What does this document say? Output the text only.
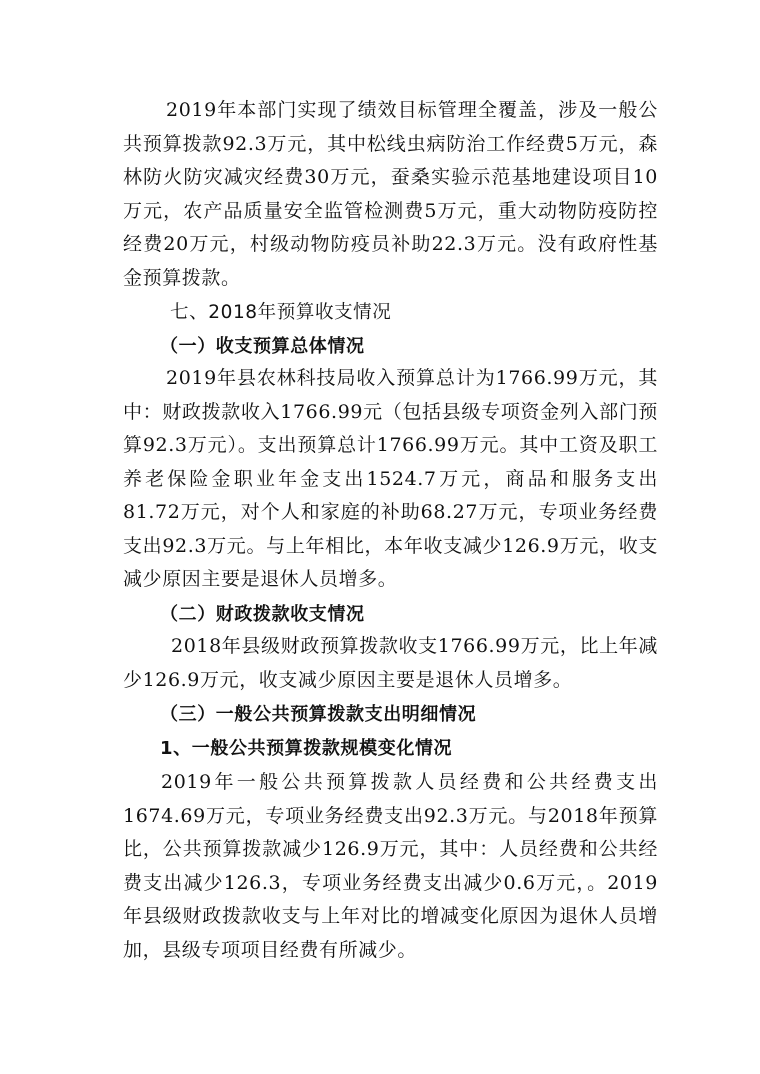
2019年本部门实现了绩效目标管理全覆盖，涉及一般公共预算拨款92.3万元，其中松线虫病防治工作经费5万元，森林防火防灾减灾经费30万元，蚕桑实验示范基地建设项目10万元，农产品质量安全监管检测费5万元，重大动物防疫防控经费20万元，村级动物防疫员补助22.3万元。没有政府性基金预算拨款。

七、2018年预算收支情况
（一）收支预算总体情况

2019年县农林科技局收入预算总计为1766.99万元，其中：财政拨款收入1766.99元（包括县级专项资金列入部门预算92.3万元）。支出预算总计1766.99万元。其中工资及职工养老保险金职业年金支出1524.7万元，商品和服务支出81.72万元，对个人和家庭的补助68.27万元，专项业务经费支出92.3万元。与上年相比，本年收支减少126.9万元，收支减少原因主要是退休人员增多。

（二）财政拨款收支情况

2018年县级财政预算拨款收支1766.99万元，比上年减少126.9万元，收支减少原因主要是退休人员增多。

（三）一般公共预算拨款支出明细情况
1、一般公共预算拨款规模变化情况

2019年一般公共预算拨款人员经费和公共经费支出1674.69万元，专项业务经费支出92.3万元。与2018年预算比，公共预算拨款减少126.9万元，其中：人员经费和公共经费支出减少126.3，专项业务经费支出减少0.6万元，。2019年县级财政拨款收支与上年对比的增减变化原因为退休人员增加，县级专项项目经费有所减少。
